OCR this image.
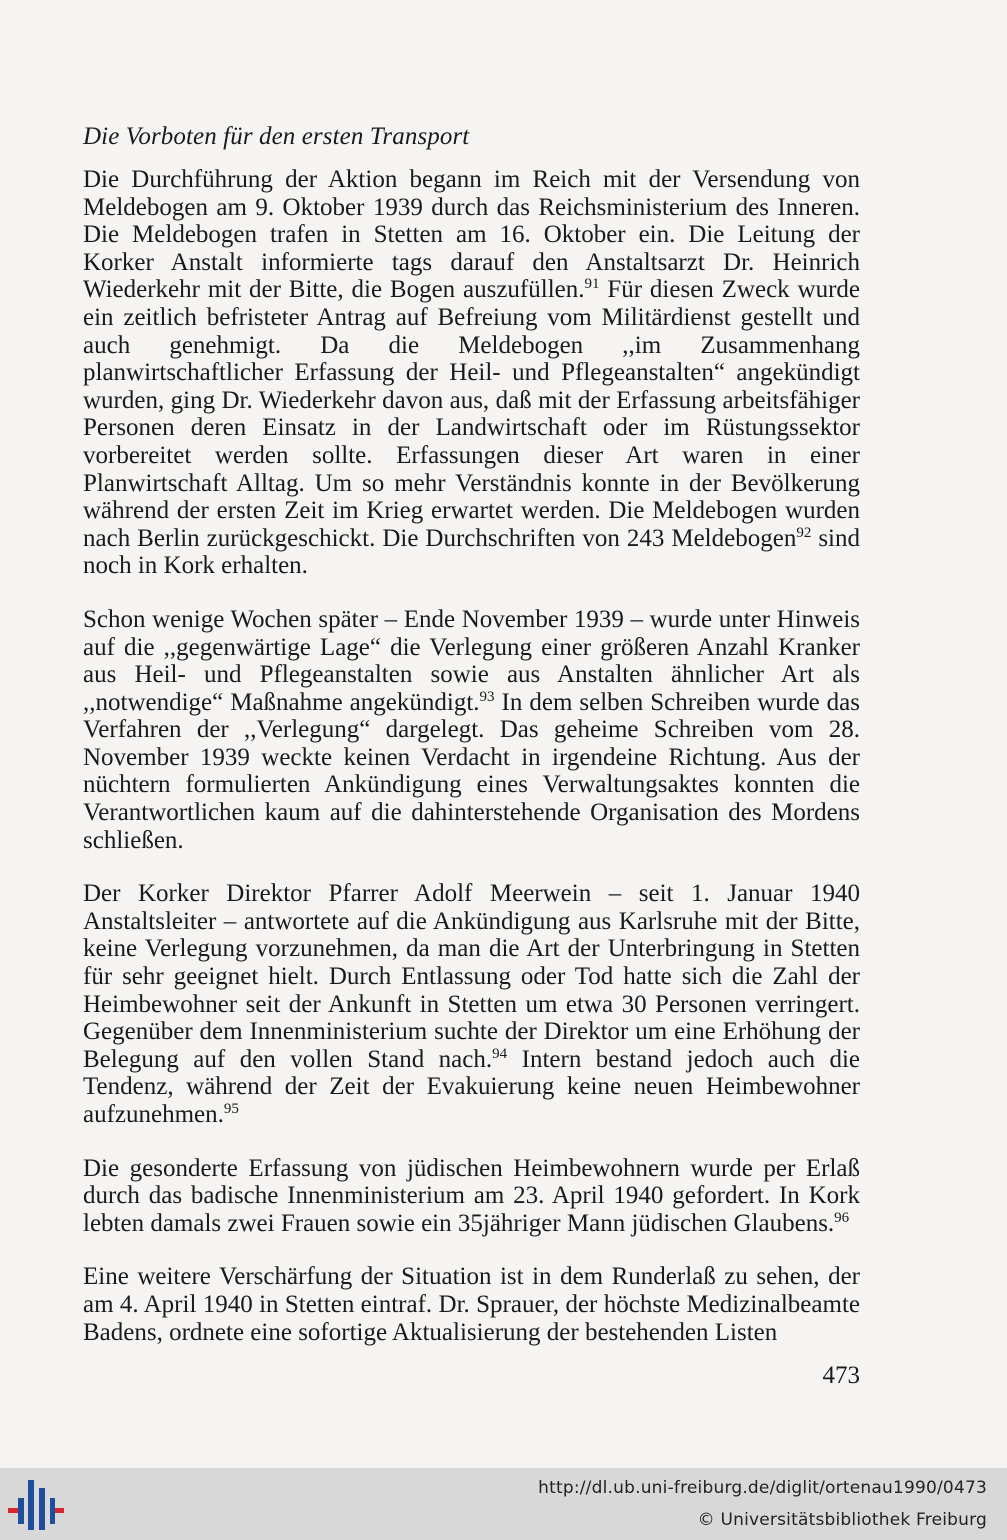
Die Vorboten für den ersten Transport

Die Durchführung der Aktion begann im Reich mit der Versendung von Meldebogen am 9. Oktober 1939 durch das Reichsministerium des Inneren. Die Meldebogen trafen in Stetten am 16. Oktober ein. Die Leitung der Korker Anstalt informierte tags darauf den Anstaltsarzt Dr. Heinrich Wiederkehr mit der Bitte, die Bogen auszufüllen.$^{91}$ Für diesen Zweck wurde ein zeitlich befristeter Antrag auf Befreiung vom Militärdienst gestellt und auch genehmigt. Da die Meldebogen ,,im Zusammenhang planwirtschaftlicher Erfassung der Heil- und Pflegeanstalten“ angekündigt wurden, ging Dr. Wiederkehr davon aus, daß mit der Erfassung arbeitsfähiger Personen deren Einsatz in der Landwirtschaft oder im Rüstungssektor vorbereitet werden sollte. Erfassungen dieser Art waren in einer Planwirtschaft Alltag. Um so mehr Verständnis konnte in der Bevölkerung während der ersten Zeit im Krieg erwartet werden. Die Meldebogen wurden nach Berlin zurückgeschickt. Die Durchschriften von 243 Meldebogen$^{92}$ sind noch in Kork erhalten.

Schon wenige Wochen später – Ende November 1939 – wurde unter Hinweis auf die ,,gegenwärtige Lage“ die Verlegung einer größeren Anzahl Kranker aus Heil- und Pflegeanstalten sowie aus Anstalten ähnlicher Art als ,,notwendige“ Maßnahme angekündigt.$^{93}$ In dem selben Schreiben wurde das Verfahren der ,,Verlegung“ dargelegt. Das geheime Schreiben vom 28. November 1939 weckte keinen Verdacht in irgendeine Richtung. Aus der nüchtern formulierten Ankündigung eines Verwaltungsaktes konnten die Verantwortlichen kaum auf die dahinterstehende Organisation des Mordens schließen.

Der Korker Direktor Pfarrer Adolf Meerwein – seit 1. Januar 1940 Anstaltsleiter – antwortete auf die Ankündigung aus Karlsruhe mit der Bitte, keine Verlegung vorzunehmen, da man die Art der Unterbringung in Stetten für sehr geeignet hielt. Durch Entlassung oder Tod hatte sich die Zahl der Heimbewohner seit der Ankunft in Stetten um etwa 30 Personen verringert. Gegenüber dem Innenministerium suchte der Direktor um eine Erhöhung der Belegung auf den vollen Stand nach.$^{94}$ Intern bestand jedoch auch die Tendenz, während der Zeit der Evakuierung keine neuen Heimbewohner aufzunehmen.$^{95}$

Die gesonderte Erfassung von jüdischen Heimbewohnern wurde per Erlaß durch das badische Innenministerium am 23. April 1940 gefordert. In Kork lebten damals zwei Frauen sowie ein 35jähriger Mann jüdischen Glaubens.$^{96}$

Eine weitere Verschärfung der Situation ist in dem Runderlaß zu sehen, der am 4. April 1940 in Stetten eintraf. Dr. Sprauer, der höchste Medizinalbeamte Badens, ordnete eine sofortige Aktualisierung der bestehenden Listen

473
http://dl.ub.uni-freiburg.de/diglit/ortenau1990/0473
© Universitätsbibliothek Freiburg
